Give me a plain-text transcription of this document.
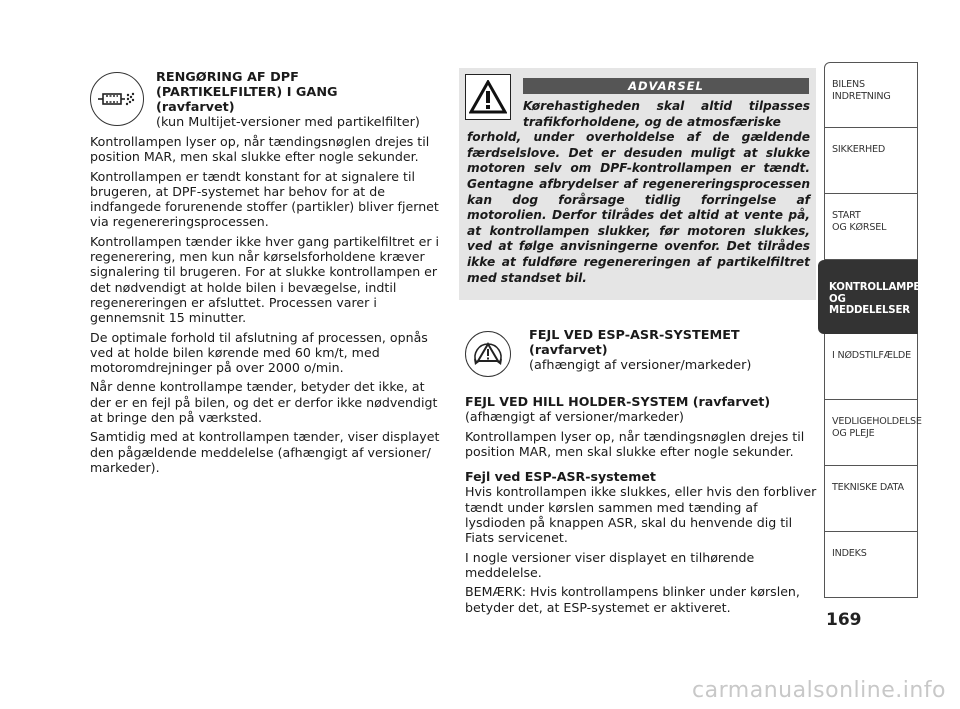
RENGØRING AF DPF
(PARTIKELFILTER) I GANG
(ravfarvet)
(kun Multijet-versioner med partikelfilter)

Kontrollampen lyser op, når tændingsnøglen drejes til position MAR, men skal slukke efter nogle sekunder.

Kontrollampen er tændt konstant for at signalere til brugeren, at DPF-systemet har behov for at de indfangede forurenende stoffer (partikler) bliver fjernet via regenereringsprocessen.

Kontrollampen tænder ikke hver gang partikelfiltret er i regenerering, men kun når kørselsforholdene kræver signalering til brugeren. For at slukke kontrollampen er det nødvendigt at holde bilen i bevægelse, indtil regenereringen er afsluttet. Processen varer i gennemsnit 15 minutter.

De optimale forhold til afslutning af processen, opnås ved at holde bilen kørende med 60 km/t, med motoromdrejninger på over 2000 o/min.

Når denne kontrollampe tænder, betyder det ikke, at der er en fejl på bilen, og det er derfor ikke nødvendigt at bringe den på værksted.

Samtidig med at kontrollampen tænder, viser displayet den pågældende meddelelse (afhængigt af versioner/ markeder).

ADVARSEL
Kørehastigheden skal altid tilpasses trafikforholdene, og de atmosfæriske
forhold, under overholdelse af de gældende færdselslove. Det er desuden muligt at slukke motoren selv om DPF-kontrollampen er tændt. Gentagne afbrydelser af regenereringsprocessen kan dog forårsage tidlig forringelse af motorolien. Derfor tilrådes det altid at vente på, at kontrollampen slukker, før motoren slukkes, ved at følge anvisningerne ovenfor. Det tilrådes ikke at fuldføre regenereringen af partikelfiltret med standset bil.
FEJL VED ESP-ASR-SYSTEMET
(ravfarvet)
(afhængigt af versioner/markeder)

FEJL VED HILL HOLDER-SYSTEM (ravfarvet)

(afhængigt af versioner/markeder)

Kontrollampen lyser op, når tændingsnøglen drejes til position MAR, men skal slukke efter nogle sekunder.

Fejl ved ESP-ASR-systemet

Hvis kontrollampen ikke slukkes, eller hvis den forbliver tændt under kørslen sammen med tænding af lysdioden på knappen ASR, skal du henvende dig til Fiats servicenet.

I nogle versioner viser displayet en tilhørende meddelelse.

BEMÆRK: Hvis kontrollampens blinker under kørslen, betyder det, at ESP-systemet er aktiveret.

BILENS
INDRETNING
SIKKERHED
START
OG KØRSEL
KONTROLLAMPER
OG MEDDELELSER
I NØDSTILFÆLDE
VEDLIGEHOLDELSE
OG PLEJE
TEKNISKE DATA
INDEKS
169
carmanualsonline.info
